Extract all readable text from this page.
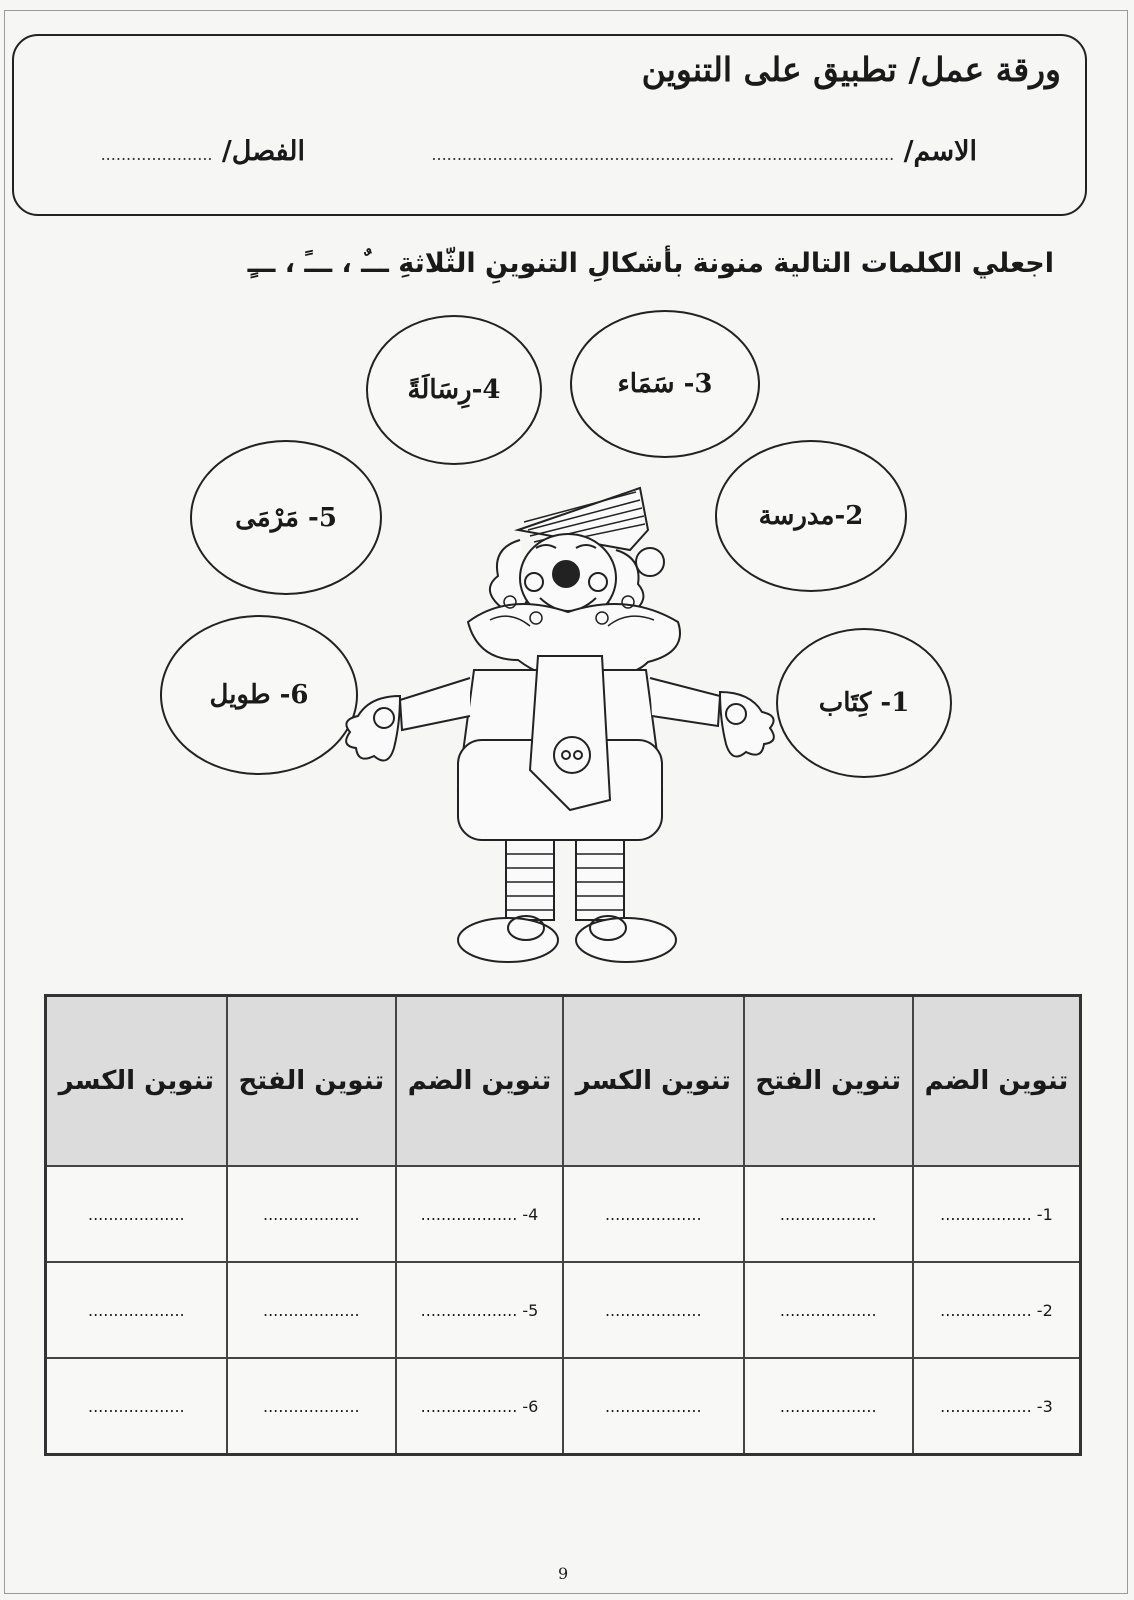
ورقة عمل/ تطبيق على التنوين
الاسم/ ...........................................................................................
الفصل/ ......................
اجعلي الكلمات التالية منونة بأشكالِ التنوينِ الثّلاثةِ ـــٌ ، ـــً ، ـــٍ
3- سَمَاء
4-رِسَالَةً
2-مدرسة
5- مَرْمَى
1- كِتَاب
6- طويل
تنوين الضم	تنوين الفتح	تنوين الكسر	تنوين الضم	تنوين الفتح	تنوين الكسر
1- ..................	...................	...................	4- ...................	...................	...................
2- ..................	...................	...................	5- ...................	...................	...................
3- ..................	...................	...................	6- ...................	...................	...................
9
